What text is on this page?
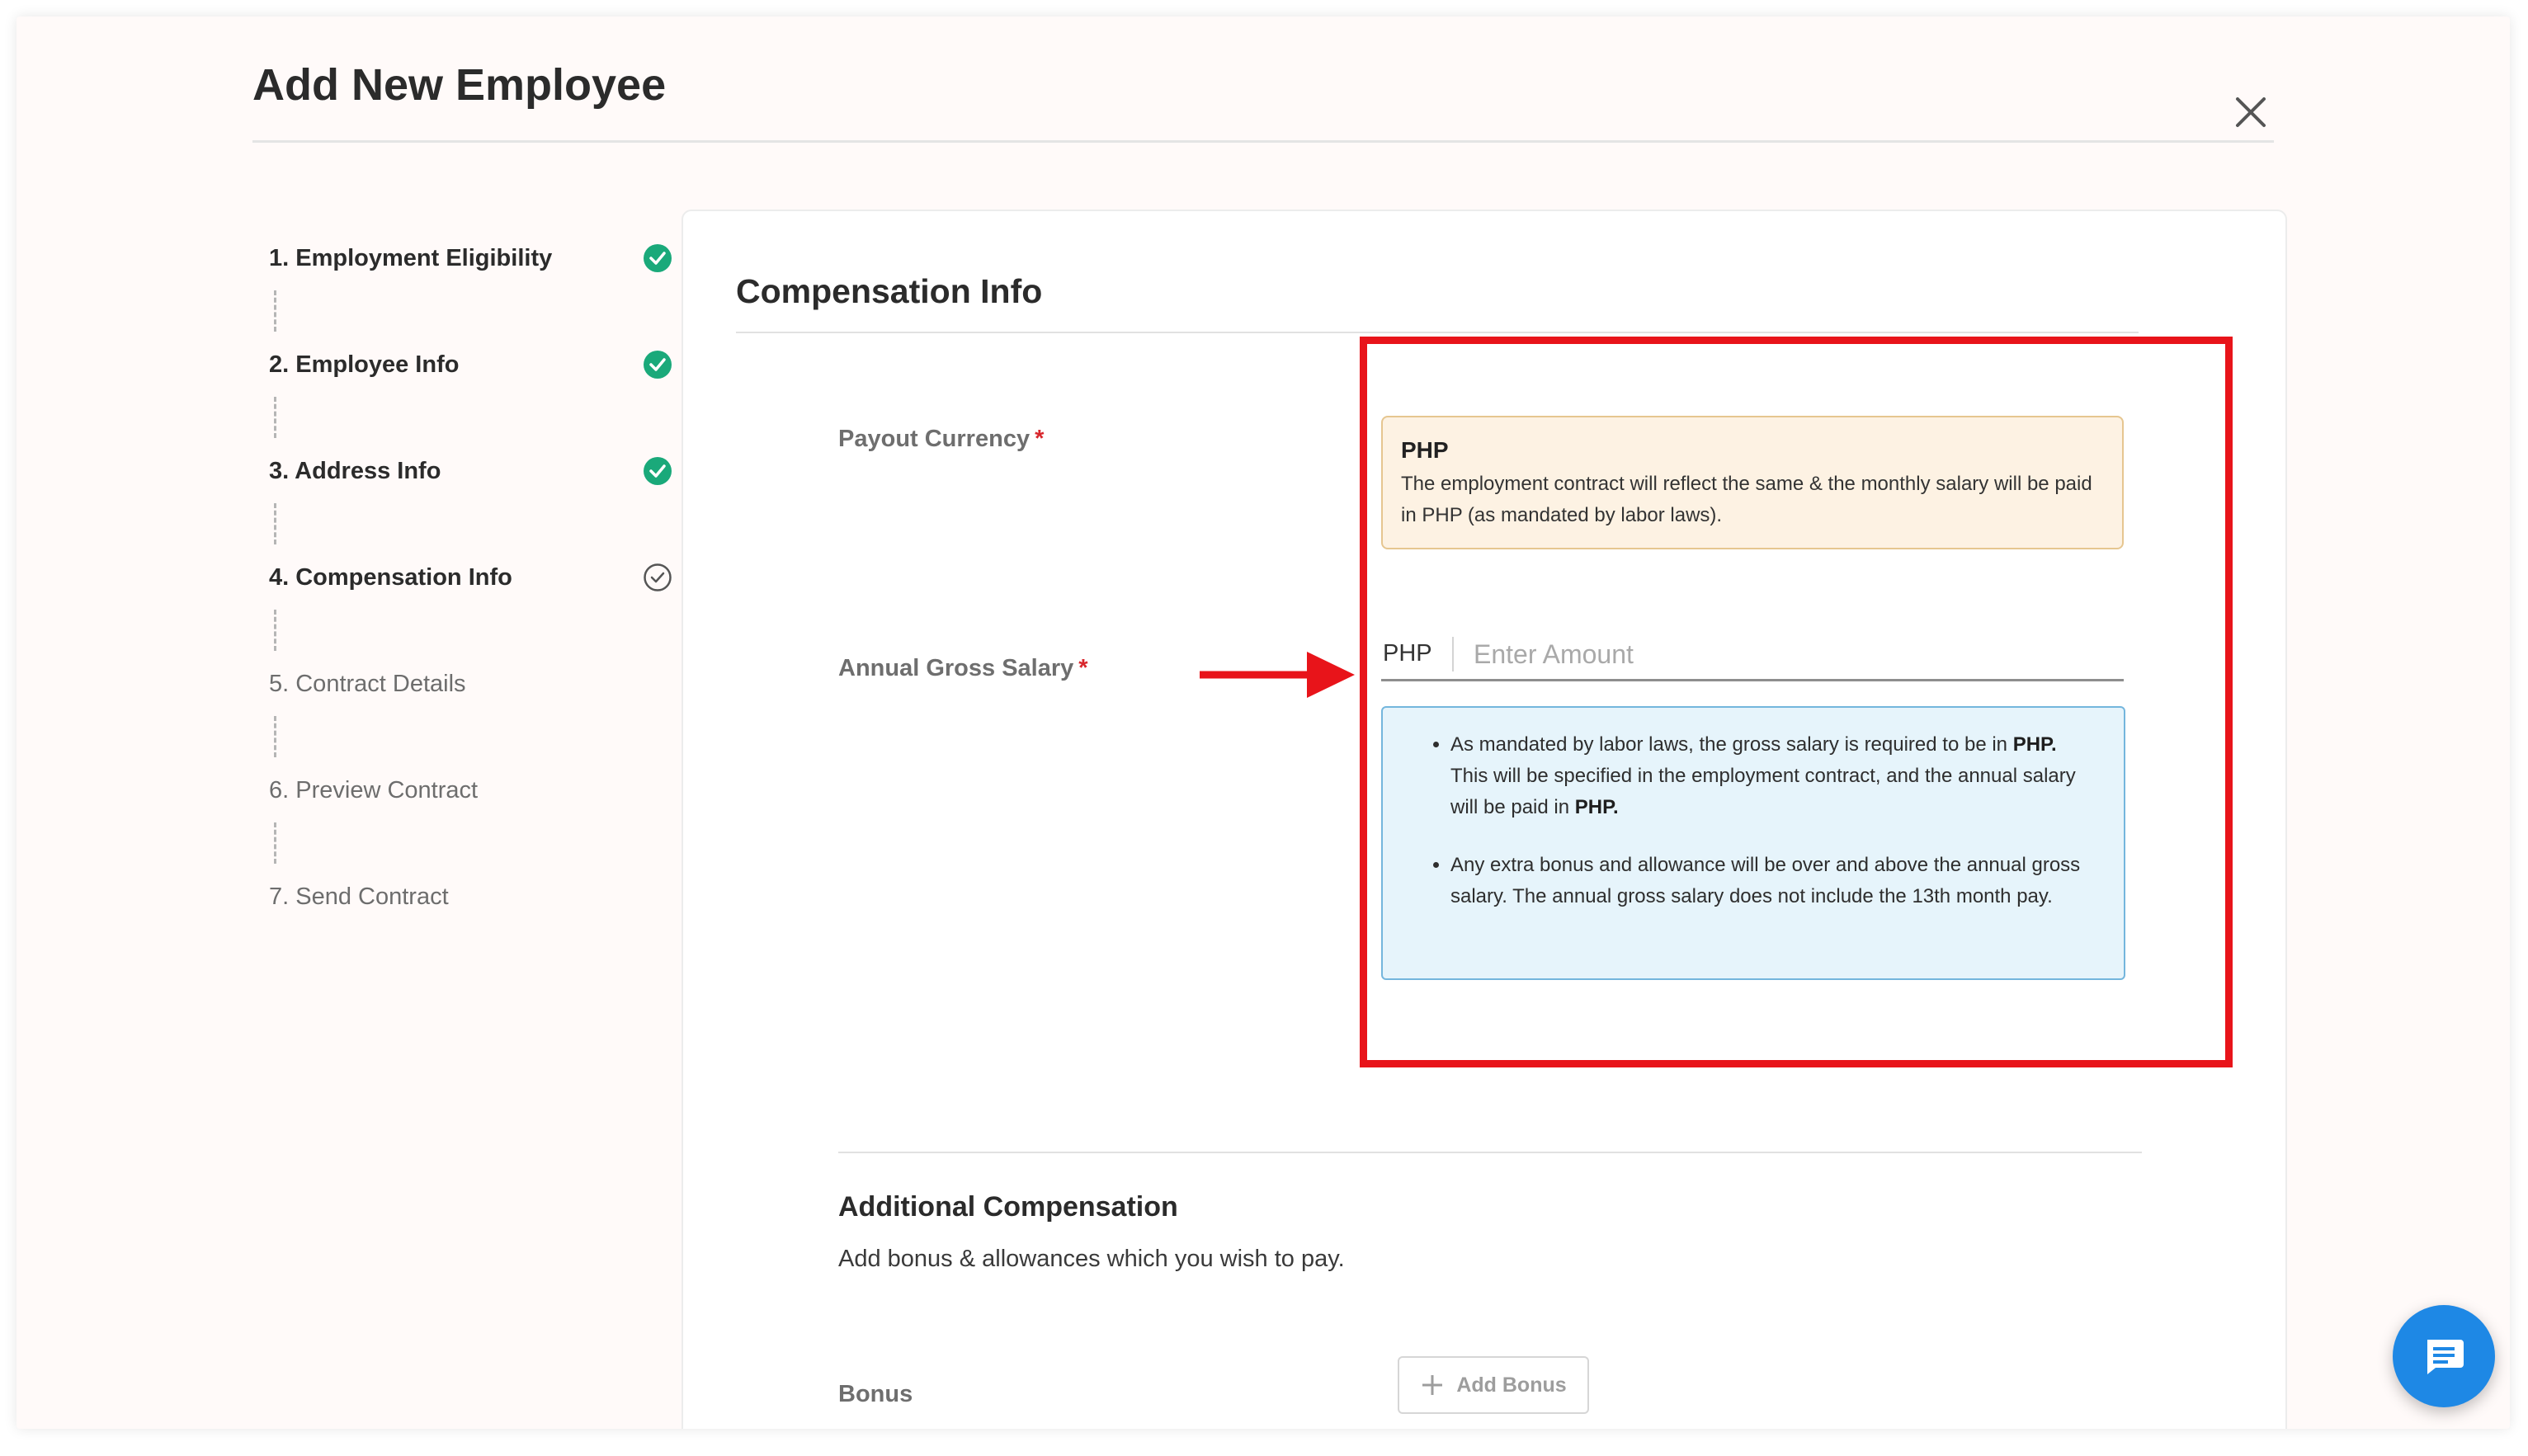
Add New Employee
1. Employment Eligibility
2. Employee Info
3. Address Info
4. Compensation Info
5. Contract Details
6. Preview Contract
7. Send Contract
Compensation Info
Payout Currency *	PHP
The employment contract will reflect the same & the monthly salary will be paid in PHP (as mandated by labor laws).
Annual Gross Salary *
PHP
Enter Amount
• As mandated by labor laws, the gross salary is required to be in PHP. This will be specified in the employment contract, and the annual salary will be paid in PHP.
• Any extra bonus and allowance will be over and above the annual gross salary. The annual gross salary does not include the 13th month pay.
Additional Compensation
Add bonus & allowances which you wish to pay.
Bonus	Add Bonus
